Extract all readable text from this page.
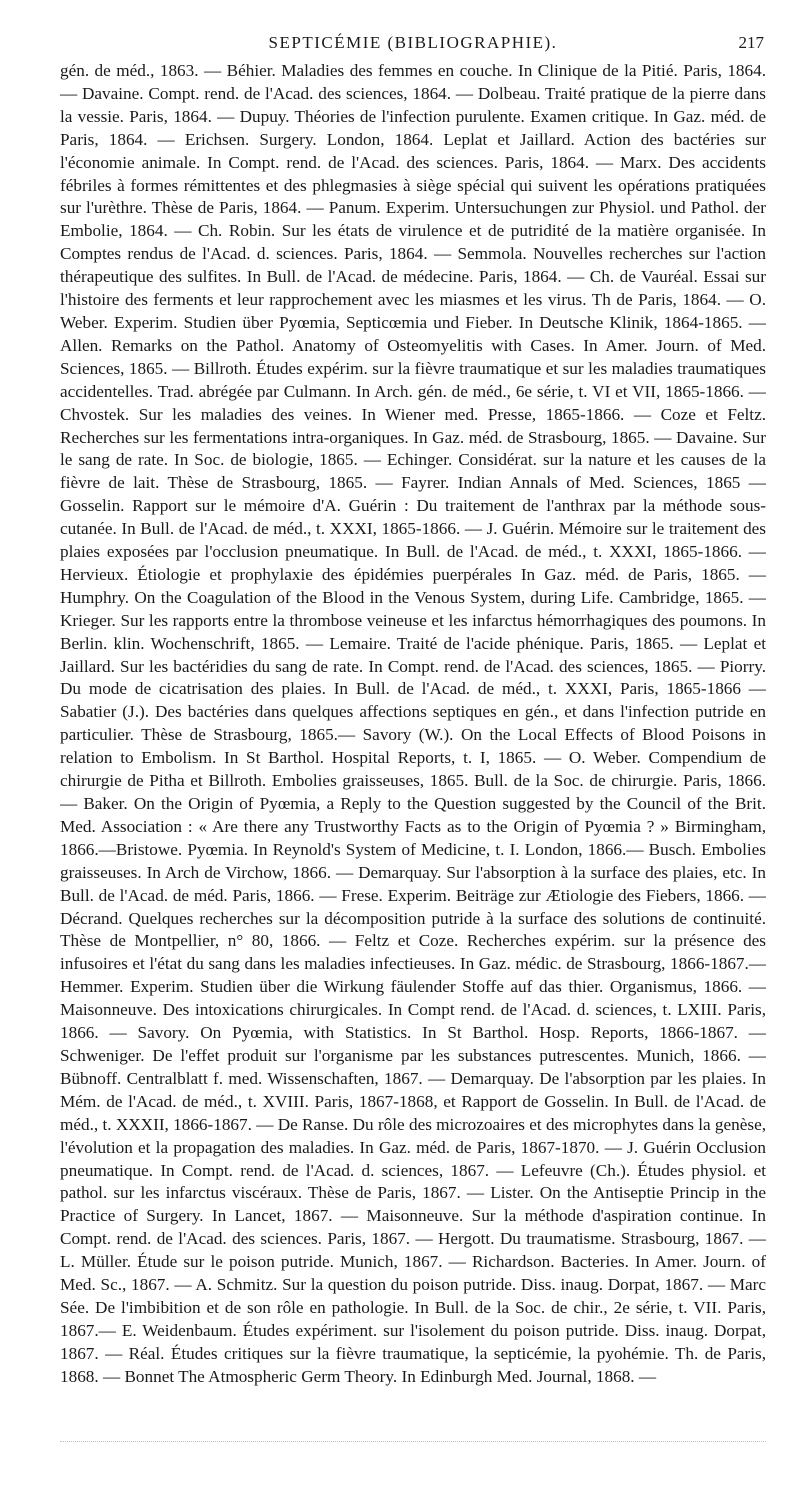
SEPTICÉMIE (BIBLIOGRAPHIE).	217

gén. de méd., 1863. — Béhier. Maladies des femmes en couche. In Clinique de la Pitié. Paris, 1864. — Davaine. Compt. rend. de l'Acad. des sciences, 1864. — Dolbeau. Traité pratique de la pierre dans la vessie. Paris, 1864. — Dupuy. Théories de l'infection purulente. Examen critique. In Gaz. méd. de Paris, 1864. — Erichsen. Surgery. London, 1864. Leplat et Jaillard. Action des bactéries sur l'économie animale. In Compt. rend. de l'Acad. des sciences. Paris, 1864. — Marx. Des accidents fébriles à formes rémittentes et des phlegmasies à siège spécial qui suivent les opérations pratiquées sur l'urèthre. Thèse de Paris, 1864. — Panum. Experim. Untersuchungen zur Physiol. und Pathol. der Embolie, 1864. — Ch. Robin. Sur les états de virulence et de putridité de la matière organisée. In Comptes rendus de l'Acad. d. sciences. Paris, 1864. — Semmola. Nouvelles recherches sur l'action thérapeutique des sulfites. In Bull. de l'Acad. de médecine. Paris, 1864. — Ch. de Vauréal. Essai sur l'histoire des ferments et leur rapprochement avec les miasmes et les virus. Th de Paris, 1864. — O. Weber. Experim. Studien über Pyœmia, Septicœmia und Fieber. In Deutsche Klinik, 1864-1865. — Allen. Remarks on the Pathol. Anatomy of Osteomyelitis with Cases. In Amer. Journ. of Med. Sciences, 1865. — Billroth. Études expérim. sur la fièvre traumatique et sur les maladies traumatiques accidentelles. Trad. abrégée par Culmann. In Arch. gén. de méd., 6e série, t. VI et VII, 1865-1866. — Chvostek. Sur les maladies des veines. In Wiener med. Presse, 1865-1866. — Coze et Feltz. Recherches sur les fermentations intra-organiques. In Gaz. méd. de Strasbourg, 1865. — Davaine. Sur le sang de rate. In Soc. de biologie, 1865. — Echinger. Considérat. sur la nature et les causes de la fièvre de lait. Thèse de Strasbourg, 1865. — Fayrer. Indian Annals of Med. Sciences, 1865 — Gosselin. Rapport sur le mémoire d'A. Guérin : Du traitement de l'anthrax par la méthode sous-cutanée. In Bull. de l'Acad. de méd., t. XXXI, 1865-1866. — J. Guérin. Mémoire sur le traitement des plaies exposées par l'occlusion pneumatique. In Bull. de l'Acad. de méd., t. XXXI, 1865-1866. — Hervieux. Étiologie et prophylaxie des épidémies puerpérales In Gaz. méd. de Paris, 1865. — Humphry. On the Coagulation of the Blood in the Venous System, during Life. Cambridge, 1865. — Krieger. Sur les rapports entre la thrombose veineuse et les infarctus hémorrhagiques des poumons. In Berlin. klin. Wochenschrift, 1865. — Lemaire. Traité de l'acide phénique. Paris, 1865. — Leplat et Jaillard. Sur les bactéridies du sang de rate. In Compt. rend. de l'Acad. des sciences, 1865. — Piorry. Du mode de cicatrisation des plaies. In Bull. de l'Acad. de méd., t. XXXI, Paris, 1865-1866 — Sabatier (J.). Des bactéries dans quelques affections septiques en gén., et dans l'infection putride en particulier. Thèse de Strasbourg, 1865.— Savory (W.). On the Local Effects of Blood Poisons in relation to Embolism. In St Barthol. Hospital Reports, t. I, 1865. — O. Weber. Compendium de chirurgie de Pitha et Billroth. Embolies graisseuses, 1865. Bull. de la Soc. de chirurgie. Paris, 1866. — Baker. On the Origin of Pyœmia, a Reply to the Question suggested by the Council of the Brit. Med. Association : « Are there any Trustworthy Facts as to the Origin of Pyœmia ? » Birmingham, 1866.—Bristowe. Pyœmia. In Reynold's System of Medicine, t. I. London, 1866.— Busch. Embolies graisseuses. In Arch de Virchow, 1866. — Demarquay. Sur l'absorption à la surface des plaies, etc. In Bull. de l'Acad. de méd. Paris, 1866. — Frese. Experim. Beiträge zur Ætiologie des Fiebers, 1866. — Décrand. Quelques recherches sur la décomposition putride à la surface des solutions de continuité. Thèse de Montpellier, n° 80, 1866. — Feltz et Coze. Recherches expérim. sur la présence des infusoires et l'état du sang dans les maladies infectieuses. In Gaz. médic. de Strasbourg, 1866-1867.— Hemmer. Experim. Studien über die Wirkung fäulender Stoffe auf das thier. Organismus, 1866. — Maisonneuve. Des intoxications chirurgicales. In Compt rend. de l'Acad. d. sciences, t. LXIII. Paris, 1866. — Savory. On Pyœmia, with Statistics. In St Barthol. Hosp. Reports, 1866-1867. — Schweniger. De l'effet produit sur l'organisme par les substances putrescentes. Munich, 1866. — Bübnoff. Centralblatt f. med. Wissenschaften, 1867. — Demarquay. De l'absorption par les plaies. In Mém. de l'Acad. de méd., t. XVIII. Paris, 1867-1868, et Rapport de Gosselin. In Bull. de l'Acad. de méd., t. XXXII, 1866-1867. — De Ranse. Du rôle des microzoaires et des microphytes dans la genèse, l'évolution et la propagation des maladies. In Gaz. méd. de Paris, 1867-1870. — J. Guérin Occlusion pneumatique. In Compt. rend. de l'Acad. d. sciences, 1867. — Lefeuvre (Ch.). Études physiol. et pathol. sur les infarctus viscéraux. Thèse de Paris, 1867. — Lister. On the Antiseptie Princip in the Practice of Surgery. In Lancet, 1867. — Maisonneuve. Sur la méthode d'aspiration continue. In Compt. rend. de l'Acad. des sciences. Paris, 1867. — Hergott. Du traumatisme. Strasbourg, 1867. — L. Müller. Étude sur le poison putride. Munich, 1867. — Richardson. Bacteries. In Amer. Journ. of Med. Sc., 1867. — A. Schmitz. Sur la question du poison putride. Diss. inaug. Dorpat, 1867. — Marc Sée. De l'imbibition et de son rôle en pathologie. In Bull. de la Soc. de chir., 2e série, t. VII. Paris, 1867.— E. Weidenbaum. Études expériment. sur l'isolement du poison putride. Diss. inaug. Dorpat, 1867. — Réal. Études critiques sur la fièvre traumatique, la septicémie, la pyohémie. Th. de Paris, 1868. — Bonnet The Atmospheric Germ Theory. In Edinburgh Med. Journal, 1868. —
